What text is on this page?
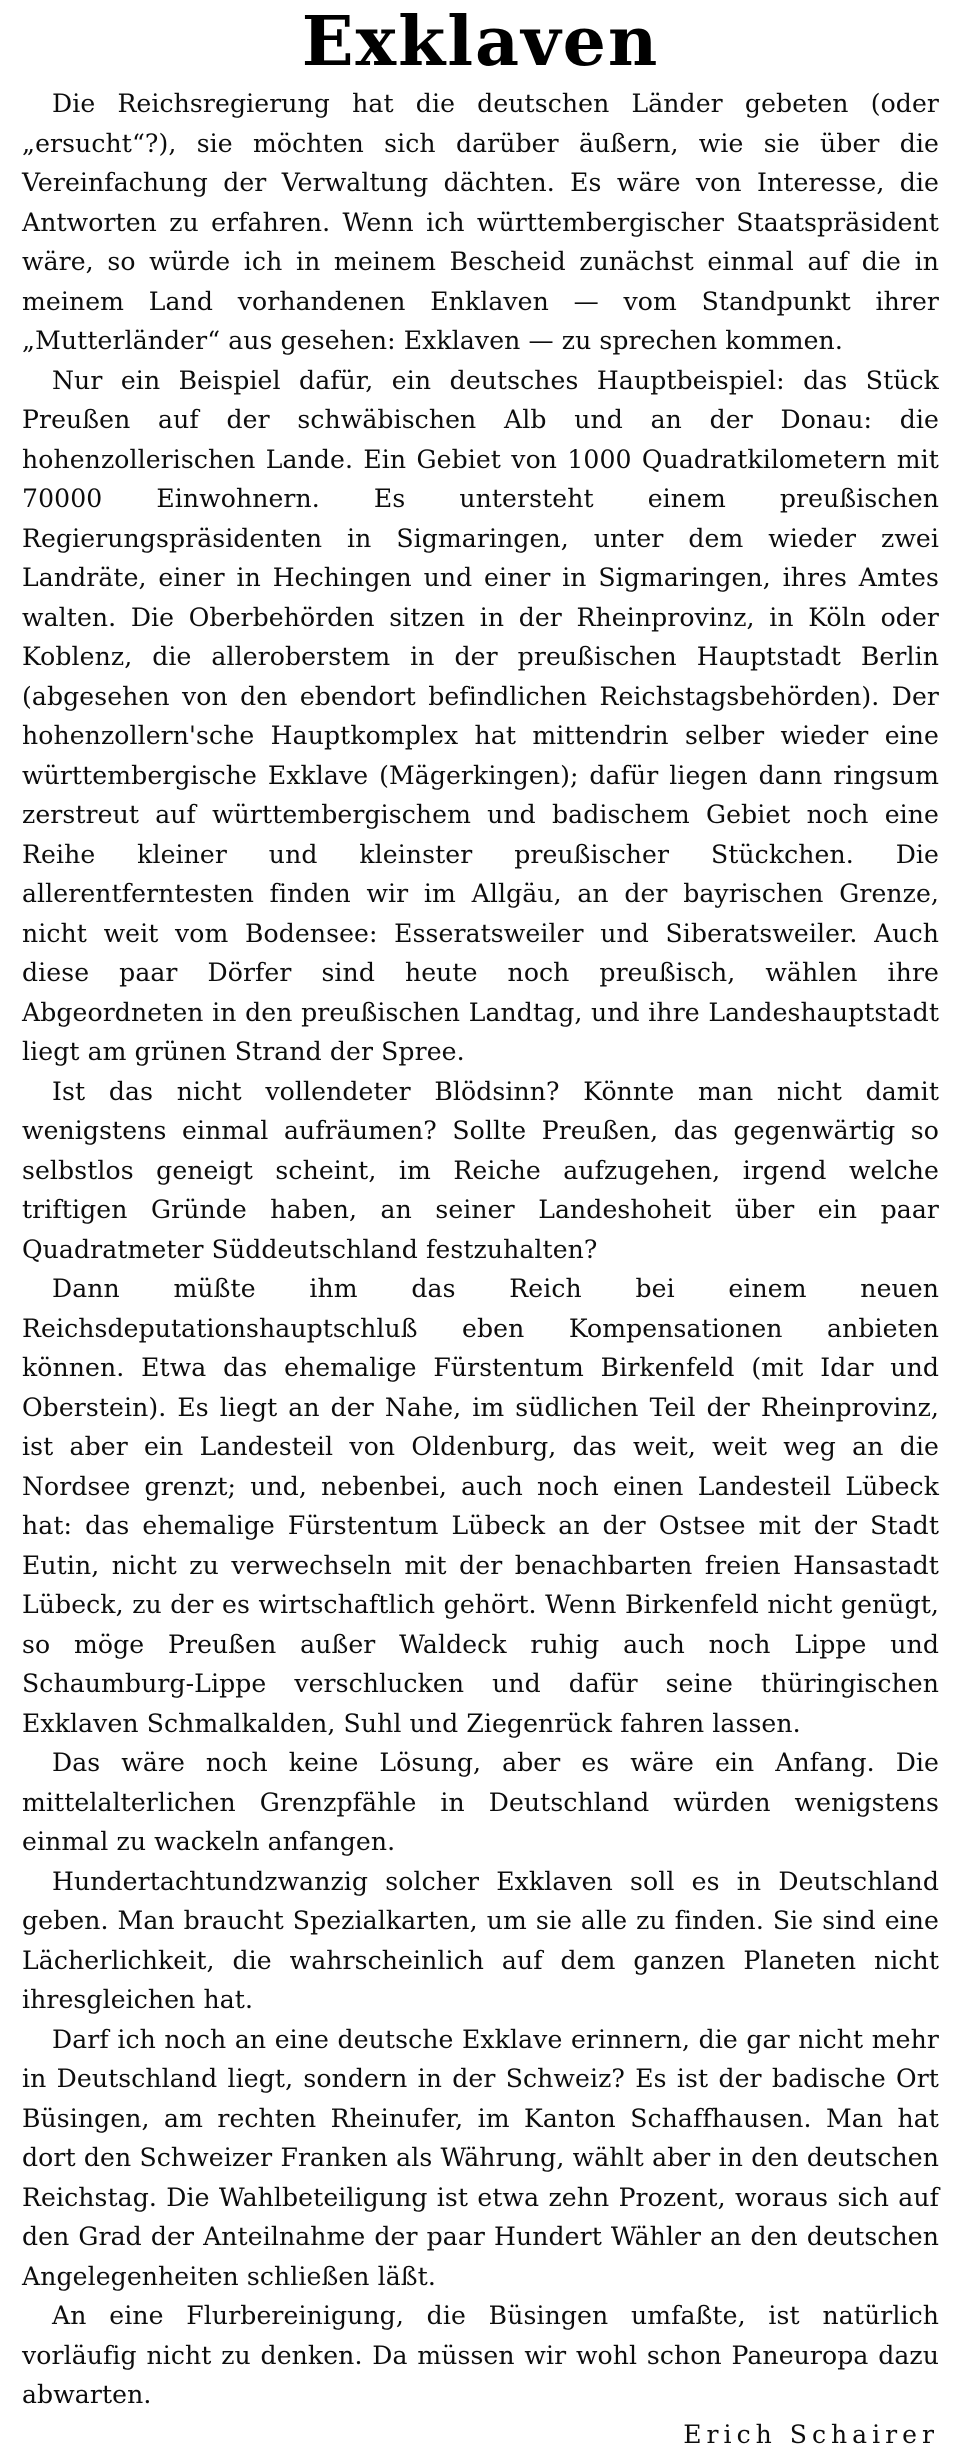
Exklaven

Die Reichsregierung hat die deutschen Länder gebeten (oder „ersucht“?), sie möchten sich darüber äußern, wie sie über die Vereinfachung der Verwaltung dächten. Es wäre von Interesse, die Antworten zu erfahren. Wenn ich württembergischer Staatspräsident wäre, so würde ich in meinem Bescheid zunächst einmal auf die in meinem Land vorhandenen Enklaven — vom Standpunkt ihrer „Mutterländer“ aus gesehen: Exklaven — zu sprechen kommen.

Nur ein Beispiel dafür, ein deutsches Hauptbeispiel: das Stück Preußen auf der schwäbischen Alb und an der Donau: die hohenzollerischen Lande. Ein Gebiet von 1000 Quadratkilometern mit 70000 Einwohnern. Es untersteht einem preußischen Regierungspräsidenten in Sigmaringen, unter dem wieder zwei Landräte, einer in Hechingen und einer in Sigmaringen, ihres Amtes walten. Die Oberbehörden sitzen in der Rheinprovinz, in Köln oder Koblenz, die alleroberstem in der preußischen Hauptstadt Berlin (abgesehen von den ebendort befindlichen Reichstagsbehörden). Der hohenzollern'sche Hauptkomplex hat mittendrin selber wieder eine württembergische Exklave (Mägerkingen); dafür liegen dann ringsum zerstreut auf württembergischem und badischem Gebiet noch eine Reihe kleiner und kleinster preußischer Stückchen. Die allerentferntesten finden wir im Allgäu, an der bayrischen Grenze, nicht weit vom Bodensee: Esseratsweiler und Siberatsweiler. Auch diese paar Dörfer sind heute noch preußisch, wählen ihre Abgeordneten in den preußischen Landtag, und ihre Landeshauptstadt liegt am grünen Strand der Spree.

Ist das nicht vollendeter Blödsinn? Könnte man nicht damit wenigstens einmal aufräumen? Sollte Preußen, das gegenwärtig so selbstlos geneigt scheint, im Reiche aufzugehen, irgend welche triftigen Gründe haben, an seiner Landeshoheit über ein paar Quadratmeter Süddeutschland festzuhalten?

Dann müßte ihm das Reich bei einem neuen Reichsdeputationshauptschluß eben Kompensationen anbieten können. Etwa das ehemalige Fürstentum Birkenfeld (mit Idar und Oberstein). Es liegt an der Nahe, im südlichen Teil der Rheinprovinz, ist aber ein Landesteil von Oldenburg, das weit, weit weg an die Nordsee grenzt; und, nebenbei, auch noch einen Landesteil Lübeck hat: das ehemalige Fürstentum Lübeck an der Ostsee mit der Stadt Eutin, nicht zu verwechseln mit der benachbarten freien Hansastadt Lübeck, zu der es wirtschaftlich gehört. Wenn Birkenfeld nicht genügt, so möge Preußen außer Waldeck ruhig auch noch Lippe und Schaumburg-Lippe verschlucken und dafür seine thüringischen Exklaven Schmalkalden, Suhl und Ziegenrück fahren lassen.

Das wäre noch keine Lösung, aber es wäre ein Anfang. Die mittelalterlichen Grenzpfähle in Deutschland würden wenigstens einmal zu wackeln anfangen.

Hundertachtundzwanzig solcher Exklaven soll es in Deutschland geben. Man braucht Spezialkarten, um sie alle zu finden. Sie sind eine Lächerlichkeit, die wahrscheinlich auf dem ganzen Planeten nicht ihresgleichen hat.

Darf ich noch an eine deutsche Exklave erinnern, die gar nicht mehr in Deutschland liegt, sondern in der Schweiz? Es ist der badische Ort Büsingen, am rechten Rheinufer, im Kanton Schaffhausen. Man hat dort den Schweizer Franken als Währung, wählt aber in den deutschen Reichstag. Die Wahlbeteiligung ist etwa zehn Prozent, woraus sich auf den Grad der Anteilnahme der paar Hundert Wähler an den deutschen Angelegenheiten schließen läßt.

An eine Flurbereinigung, die Büsingen umfaßte, ist natürlich vorläufig nicht zu denken. Da müssen wir wohl schon Paneuropa dazu abwarten.

Erich Schairer
